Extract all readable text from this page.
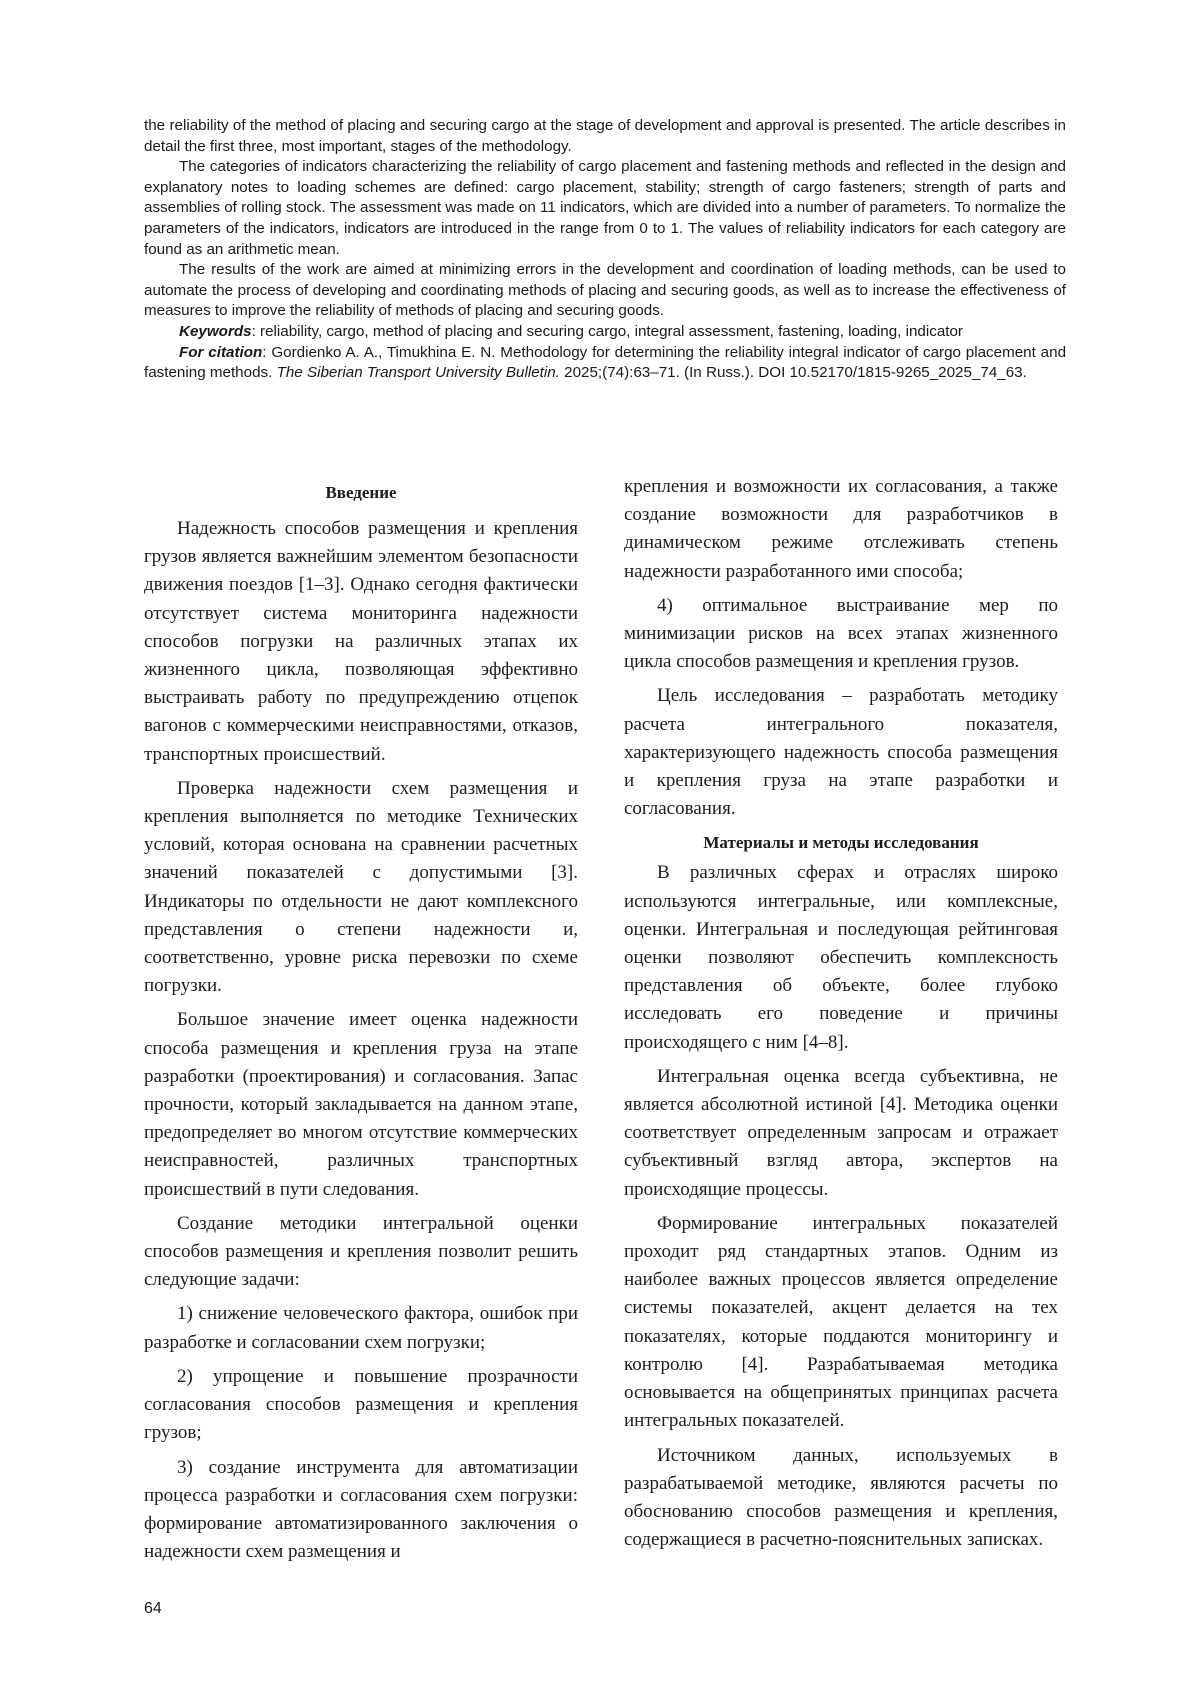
the reliability of the method of placing and securing cargo at the stage of development and approval is presented. The article describes in detail the first three, most important, stages of the methodology.

The categories of indicators characterizing the reliability of cargo placement and fastening methods and reflected in the design and explanatory notes to loading schemes are defined: cargo placement, stability; strength of cargo fasteners; strength of parts and assemblies of rolling stock. The assessment was made on 11 indicators, which are divided into a number of parameters. To normalize the parameters of the indicators, indicators are introduced in the range from 0 to 1. The values of reliability indicators for each category are found as an arithmetic mean.

The results of the work are aimed at minimizing errors in the development and coordination of loading methods, can be used to automate the process of developing and coordinating methods of placing and securing goods, as well as to increase the effectiveness of measures to improve the reliability of methods of placing and securing goods.

Keywords: reliability, cargo, method of placing and securing cargo, integral assessment, fastening, loading, indicator

For citation: Gordienko A. A., Timukhina E. N. Methodology for determining the reliability integral indicator of cargo placement and fastening methods. The Siberian Transport University Bulletin. 2025;(74):63–71. (In Russ.). DOI 10.52170/1815-9265_2025_74_63.

Введение

Надежность способов размещения и крепления грузов является важнейшим элементом безопасности движения поездов [1–3]. Однако сегодня фактически отсутствует система мониторинга надежности способов погрузки на различных этапах их жизненного цикла, позволяющая эффективно выстраивать работу по предупреждению отцепок вагонов с коммерческими неисправностями, отказов, транспортных происшествий.

Проверка надежности схем размещения и крепления выполняется по методике Технических условий, которая основана на сравнении расчетных значений показателей с допустимыми [3]. Индикаторы по отдельности не дают комплексного представления о степени надежности и, соответственно, уровне риска перевозки по схеме погрузки.

Большое значение имеет оценка надежности способа размещения и крепления груза на этапе разработки (проектирования) и согласования. Запас прочности, который закладывается на данном этапе, предопределяет во многом отсутствие коммерческих неисправностей, различных транспортных происшествий в пути следования.

Создание методики интегральной оценки способов размещения и крепления позволит решить следующие задачи:

1) снижение человеческого фактора, ошибок при разработке и согласовании схем погрузки;

2) упрощение и повышение прозрачности согласования способов размещения и крепления грузов;

3) создание инструмента для автоматизации процесса разработки и согласования схем погрузки: формирование автоматизированного заключения о надежности схем размещения и

крепления и возможности их согласования, а также создание возможности для разработчиков в динамическом режиме отслеживать степень надежности разработанного ими способа;

4) оптимальное выстраивание мер по минимизации рисков на всех этапах жизненного цикла способов размещения и крепления грузов.

Цель исследования – разработать методику расчета интегрального показателя, характеризующего надежность способа размещения и крепления груза на этапе разработки и согласования.

Материалы и методы исследования

В различных сферах и отраслях широко используются интегральные, или комплексные, оценки. Интегральная и последующая рейтинговая оценки позволяют обеспечить комплексность представления об объекте, более глубоко исследовать его поведение и причины происходящего с ним [4–8].

Интегральная оценка всегда субъективна, не является абсолютной истиной [4]. Методика оценки соответствует определенным запросам и отражает субъективный взгляд автора, экспертов на происходящие процессы.

Формирование интегральных показателей проходит ряд стандартных этапов. Одним из наиболее важных процессов является определение системы показателей, акцент делается на тех показателях, которые поддаются мониторингу и контролю [4]. Разрабатываемая методика основывается на общепринятых принципах расчета интегральных показателей.

Источником данных, используемых в разрабатываемой методике, являются расчеты по обоснованию способов размещения и крепления, содержащиеся в расчетно-пояснительных записках.

64
